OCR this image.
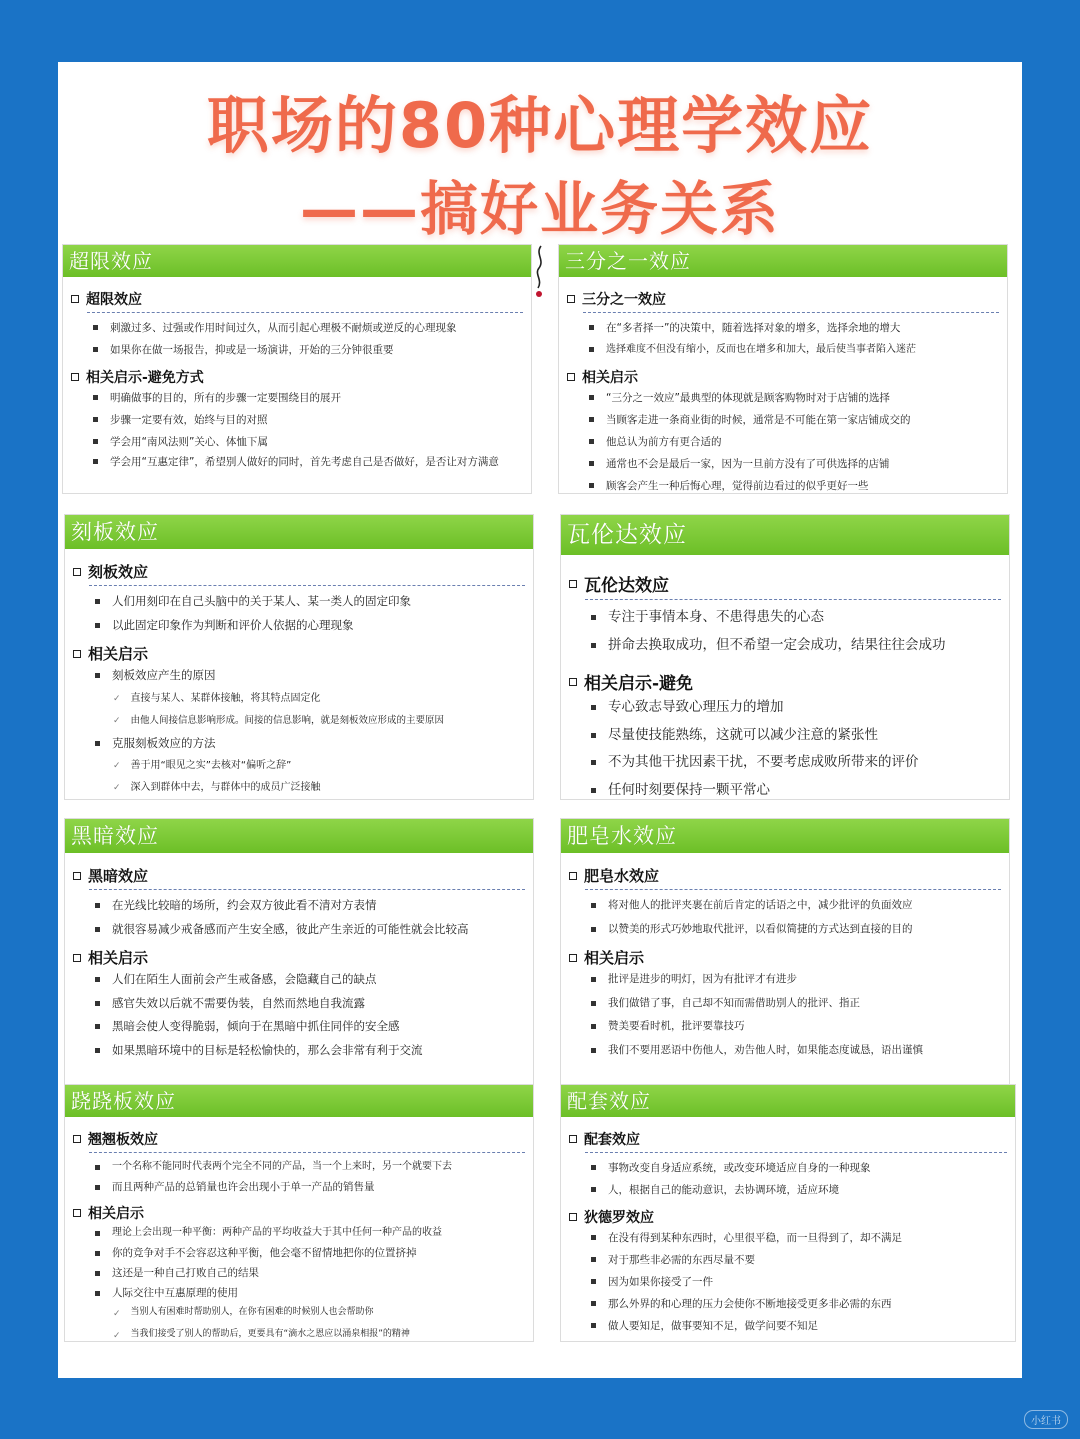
职场的80种心理学效应
——搞好业务关系
超限效应
超限效应
刺激过多、过强或作用时间过久，从而引起心理极不耐烦或逆反的心理现象
如果你在做一场报告，抑或是一场演讲，开始的三分钟很重要
相关启示-避免方式
明确做事的目的，所有的步骤一定要围绕目的展开
步骤一定要有效，始终与目的对照
学会用“南风法则”关心、体恤下属
学会用“互惠定律”，希望别人做好的同时，首先考虑自己是否做好，是否让对方满意
三分之一效应
三分之一效应
在“多者择一”的决策中，随着选择对象的增多，选择余地的增大
选择难度不但没有缩小，反而也在增多和加大，最后使当事者陷入迷茫
相关启示
“三分之一效应”最典型的体现就是顾客购物时对于店铺的选择
当顾客走进一条商业街的时候，通常是不可能在第一家店铺成交的
他总认为前方有更合适的
通常也不会是最后一家，因为一旦前方没有了可供选择的店铺
顾客会产生一种后悔心理，觉得前边看过的似乎更好一些
刻板效应
刻板效应
人们用刻印在自己头脑中的关于某人、某一类人的固定印象
以此固定印象作为判断和评价人依据的心理现象
相关启示
刻板效应产生的原因
✓ 直接与某人、某群体接触，将其特点固定化
✓ 由他人间接信息影响形成。间接的信息影响，就是刻板效应形成的主要原因
克服刻板效应的方法
✓ 善于用“眼见之实”去核对“偏听之辞”
✓ 深入到群体中去，与群体中的成员广泛接触
瓦伦达效应
瓦伦达效应
专注于事情本身、不患得患失的心态
拼命去换取成功，但不希望一定会成功，结果往往会成功
相关启示-避免
专心致志导致心理压力的增加
尽量使技能熟练，这就可以减少注意的紧张性
不为其他干扰因素干扰，不要考虑成败所带来的评价
任何时刻要保持一颗平常心
黑暗效应
黑暗效应
在光线比较暗的场所，约会双方彼此看不清对方表情
就很容易减少戒备感而产生安全感，彼此产生亲近的可能性就会比较高
相关启示
人们在陌生人面前会产生戒备感，会隐藏自己的缺点
感官失效以后就不需要伪装，自然而然地自我流露
黑暗会使人变得脆弱，倾向于在黑暗中抓住同伴的安全感
如果黑暗环境中的目标是轻松愉快的，那么会非常有利于交流
肥皂水效应
肥皂水效应
将对他人的批评夹裹在前后肯定的话语之中，减少批评的负面效应
以赞美的形式巧妙地取代批评，以看似简捷的方式达到直接的目的
相关启示
批评是进步的明灯，因为有批评才有进步
我们做错了事，自己却不知而需借助别人的批评、指正
赞美要看时机，批评要靠技巧
我们不要用恶语中伤他人，劝告他人时，如果能态度诚恳，语出谨慎
跷跷板效应
翘翘板效应
一个名称不能同时代表两个完全不同的产品，当一个上来时，另一个就要下去
而且两种产品的总销量也许会出现小于单一产品的销售量
相关启示
理论上会出现一种平衡：两种产品的平均收益大于其中任何一种产品的收益
你的竞争对手不会容忍这种平衡，他会毫不留情地把你的位置挤掉
这还是一种自己打败自己的结果
人际交往中互惠原理的使用
✓ 当别人有困难时帮助别人，在你有困难的时候别人也会帮助你
✓ 当我们接受了别人的帮助后，更要具有“滴水之恩应以涌泉相报”的精神
配套效应
配套效应
事物改变自身适应系统，或改变环境适应自身的一种现象
人，根据自己的能动意识，去协调环境，适应环境
狄德罗效应
在没有得到某种东西时，心里很平稳，而一旦得到了，却不满足
对于那些非必需的东西尽量不要
因为如果你接受了一件
那么外界的和心理的压力会使你不断地接受更多非必需的东西
做人要知足，做事要知不足，做学问要不知足
小红书
